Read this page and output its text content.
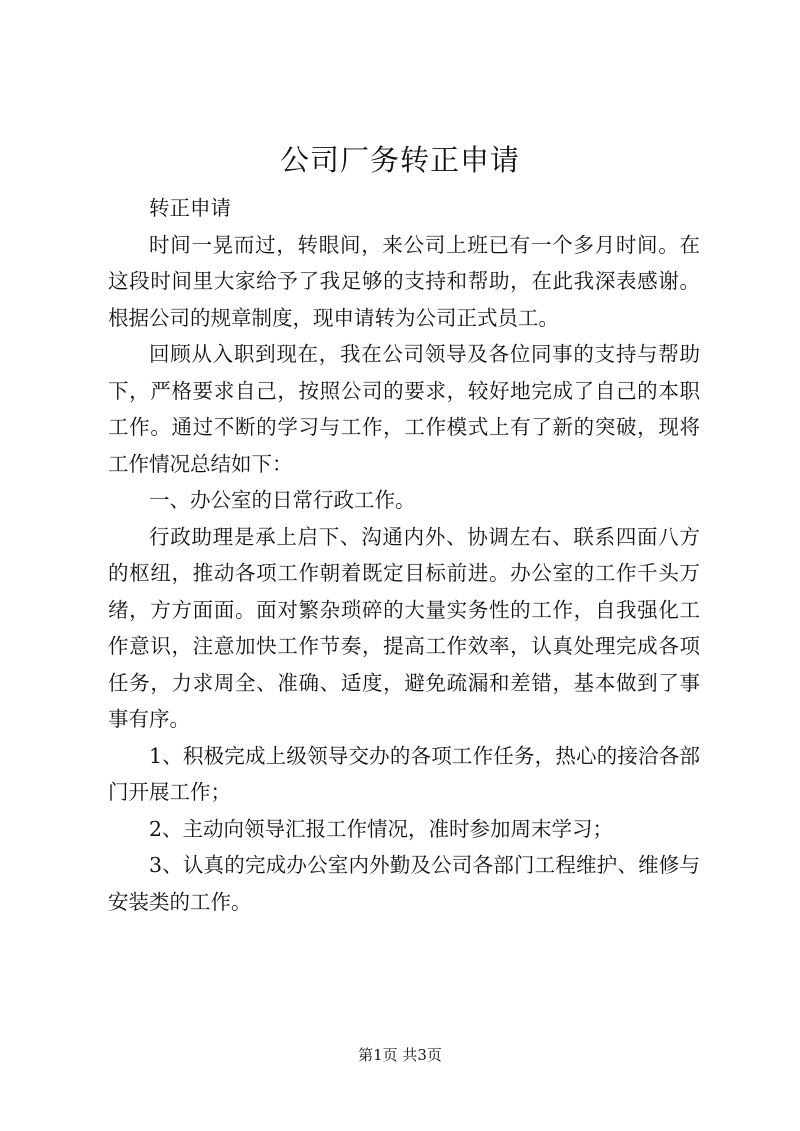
公司厂务转正申请

转正申请

时间一晃而过，转眼间，来公司上班已有一个多月时间。在这段时间里大家给予了我足够的支持和帮助，在此我深表感谢。根据公司的规章制度，现申请转为公司正式员工。

回顾从入职到现在，我在公司领导及各位同事的支持与帮助下，严格要求自己，按照公司的要求，较好地完成了自己的本职工作。通过不断的学习与工作，工作模式上有了新的突破，现将工作情况总结如下：

一、办公室的日常行政工作。

行政助理是承上启下、沟通内外、协调左右、联系四面八方的枢纽，推动各项工作朝着既定目标前进。办公室的工作千头万绪，方方面面。面对繁杂琐碎的大量实务性的工作，自我强化工作意识，注意加快工作节奏，提高工作效率，认真处理完成各项任务，力求周全、准确、适度，避免疏漏和差错，基本做到了事事有序。

1、积极完成上级领导交办的各项工作任务，热心的接洽各部门开展工作；

2、主动向领导汇报工作情况，准时参加周末学习；

3、认真的完成办公室内外勤及公司各部门工程维护、维修与安装类的工作。

第1页 共3页
